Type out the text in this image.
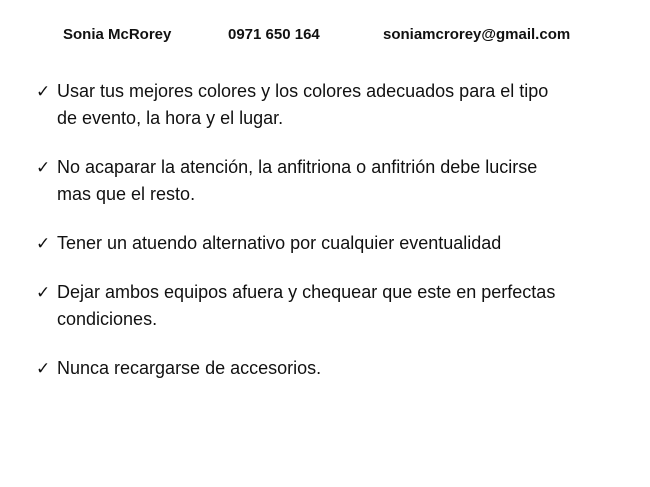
Sonia McRorey	0971 650 164	soniamcrorey@gmail.com
✓ Usar tus mejores colores y los colores adecuados para el tipo
de evento, la hora y el lugar.
✓ No acaparar la atención, la anfitriona o anfitrión debe lucirse
mas que el resto.
✓ Tener un atuendo alternativo por cualquier eventualidad
✓ Dejar ambos equipos afuera y chequear que este en perfectas
condiciones.
✓ Nunca recargarse de accesorios.
